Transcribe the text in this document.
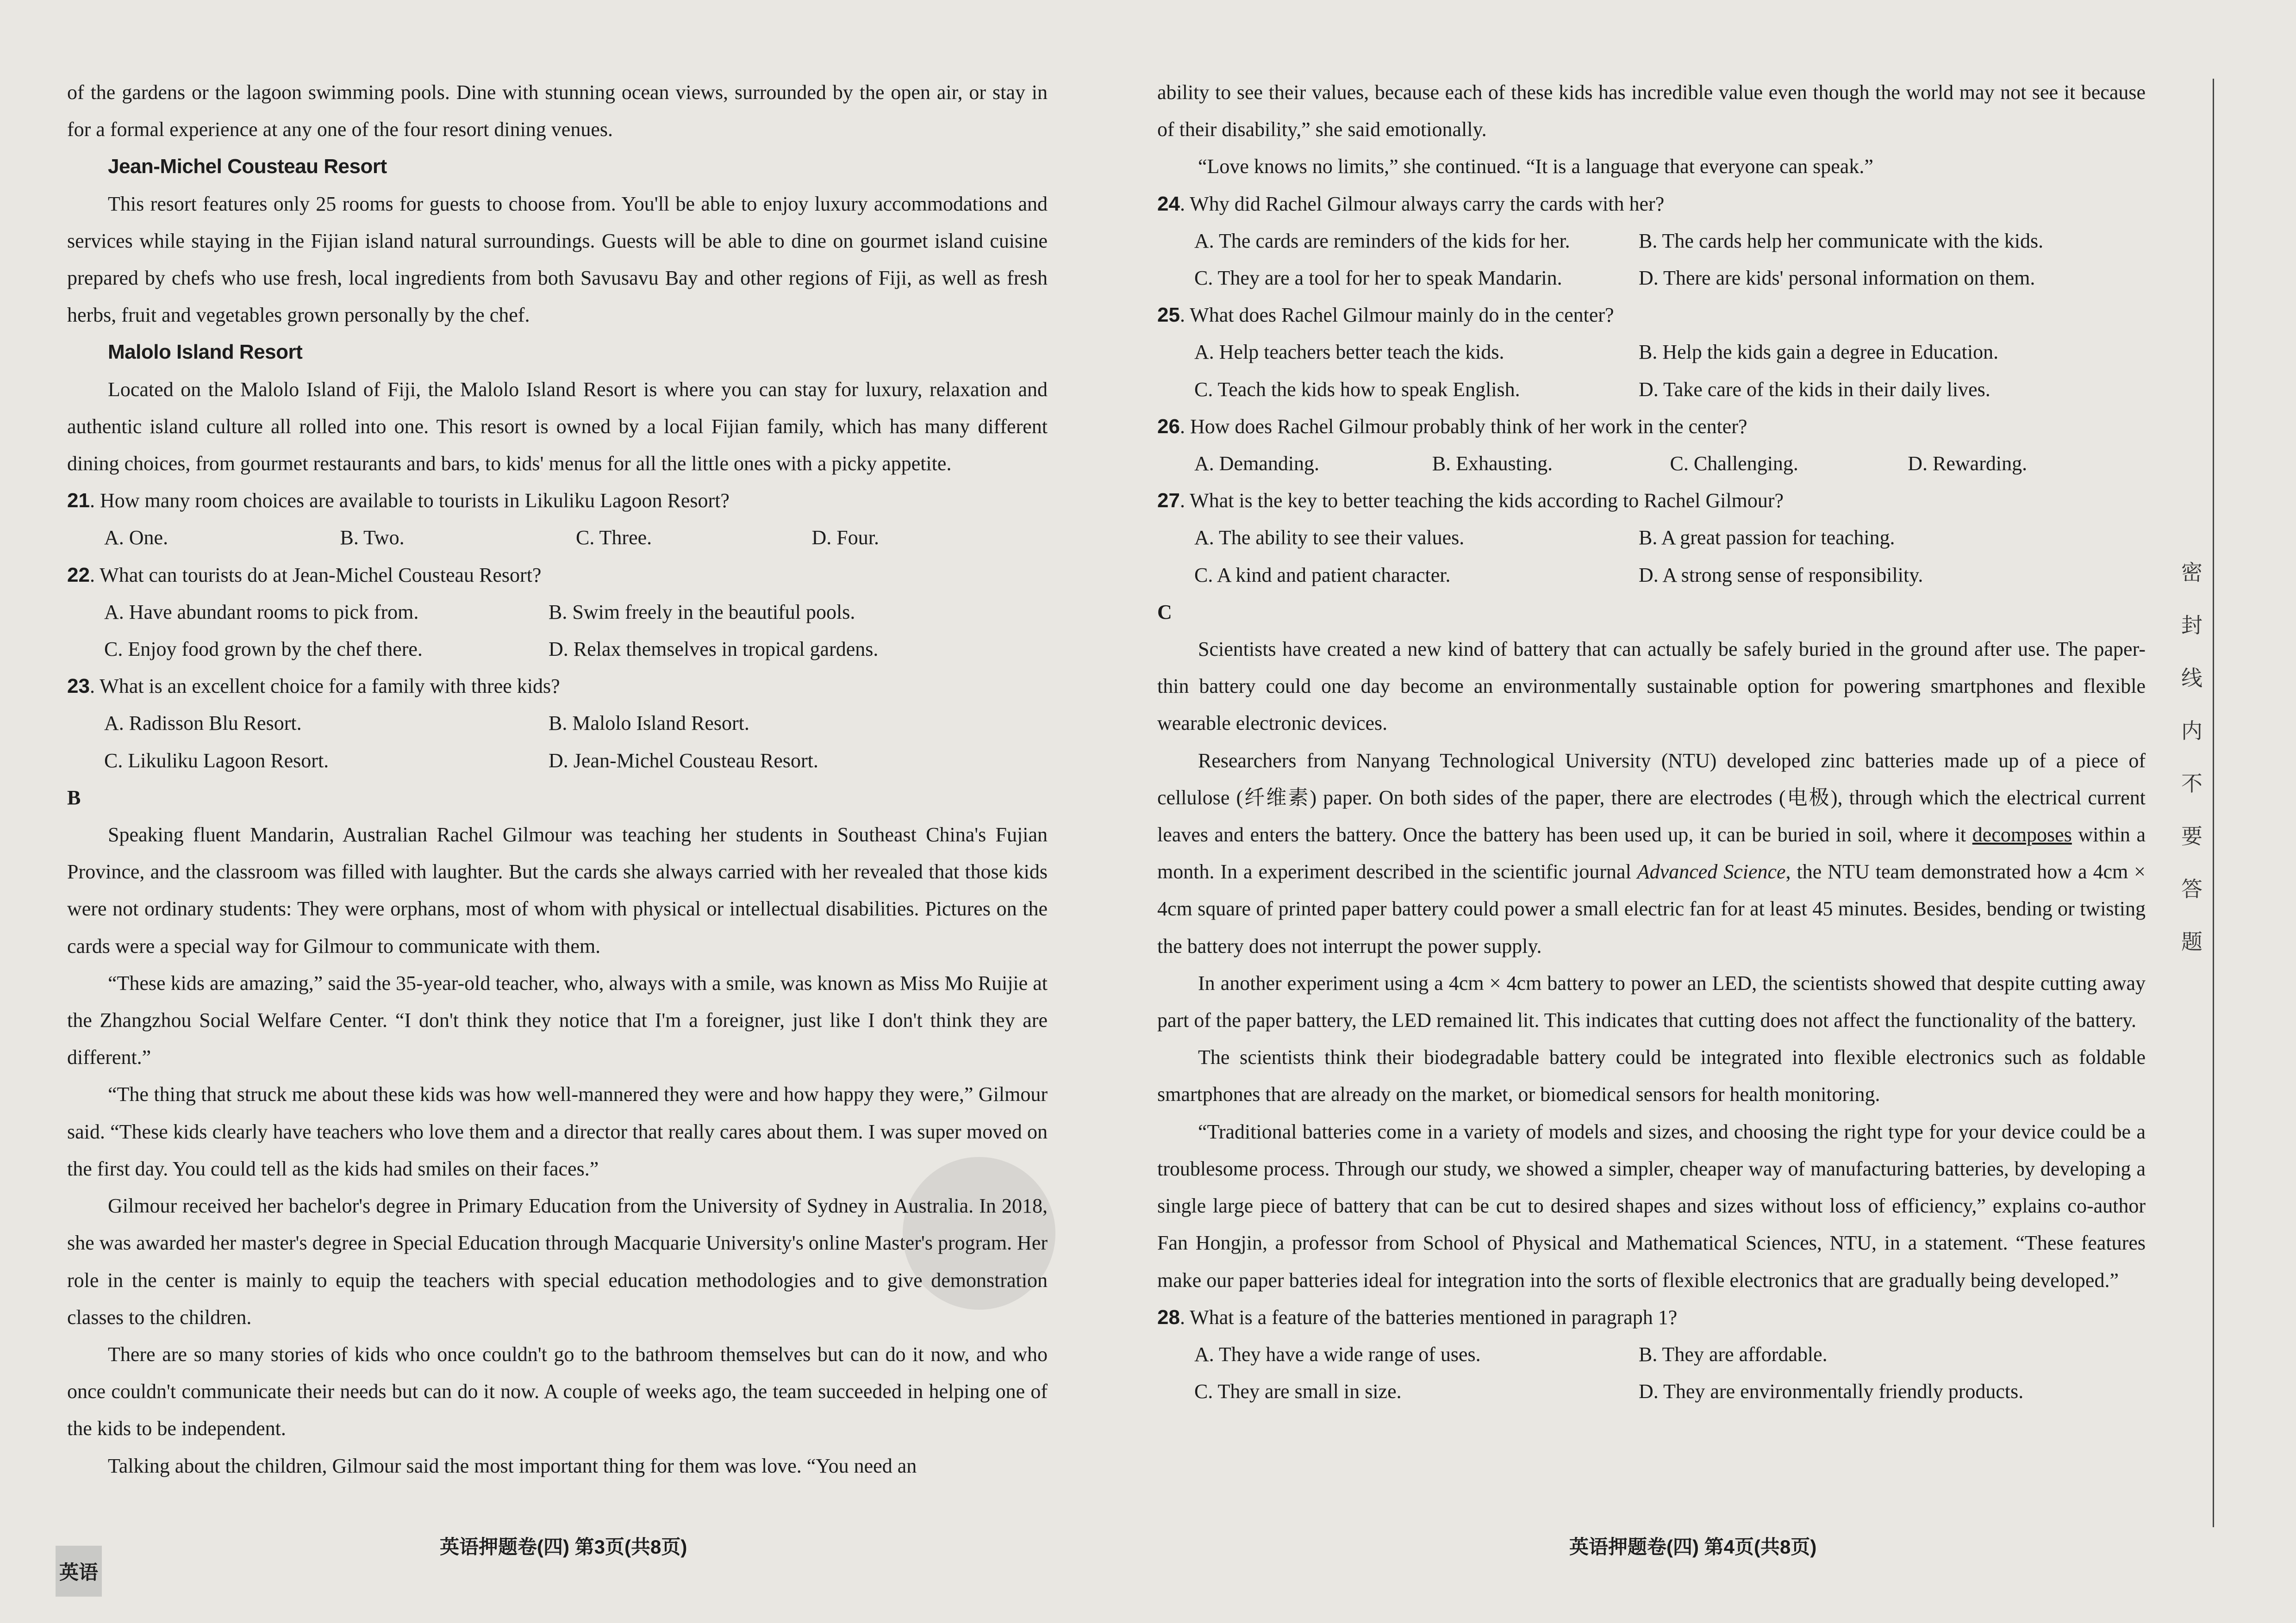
of the gardens or the lagoon swimming pools. Dine with stunning ocean views, surrounded by the open air, or stay in for a formal experience at any one of the four resort dining venues.

Jean-Michel Cousteau Resort

This resort features only 25 rooms for guests to choose from. You'll be able to enjoy luxury accommodations and services while staying in the Fijian island natural surroundings. Guests will be able to dine on gourmet island cuisine prepared by chefs who use fresh, local ingredients from both Savusavu Bay and other regions of Fiji, as well as fresh herbs, fruit and vegetables grown personally by the chef.

Malolo Island Resort

Located on the Malolo Island of Fiji, the Malolo Island Resort is where you can stay for luxury, relaxation and authentic island culture all rolled into one. This resort is owned by a local Fijian family, which has many different dining choices, from gourmet restaurants and bars, to kids' menus for all the little ones with a picky appetite.

21. How many room choices are available to tourists in Likuliku Lagoon Resort?

A. One.	B. Two.	C. Three.	D. Four.

22. What can tourists do at Jean-Michel Cousteau Resort?

A. Have abundant rooms to pick from.	B. Swim freely in the beautiful pools.
C. Enjoy food grown by the chef there.	D. Relax themselves in tropical gardens.

23. What is an excellent choice for a family with three kids?

A. Radisson Blu Resort.	B. Malolo Island Resort.
C. Likuliku Lagoon Resort.	D. Jean-Michel Cousteau Resort.

B

Speaking fluent Mandarin, Australian Rachel Gilmour was teaching her students in Southeast China's Fujian Province, and the classroom was filled with laughter. But the cards she always carried with her revealed that those kids were not ordinary students: They were orphans, most of whom with physical or intellectual disabilities. Pictures on the cards were a special way for Gilmour to communicate with them.

“These kids are amazing,” said the 35-year-old teacher, who, always with a smile, was known as Miss Mo Ruijie at the Zhangzhou Social Welfare Center. “I don't think they notice that I'm a foreigner, just like I don't think they are different.”

“The thing that struck me about these kids was how well-mannered they were and how happy they were,” Gilmour said. “These kids clearly have teachers who love them and a director that really cares about them. I was super moved on the first day. You could tell as the kids had smiles on their faces.”

Gilmour received her bachelor's degree in Primary Education from the University of Sydney in Australia. In 2018, she was awarded her master's degree in Special Education through Macquarie University's online Master's program. Her role in the center is mainly to equip the teachers with special education methodologies and to give demonstration classes to the children.

There are so many stories of kids who once couldn't go to the bathroom themselves but can do it now, and who once couldn't communicate their needs but can do it now. A couple of weeks ago, the team succeeded in helping one of the kids to be independent.

Talking about the children, Gilmour said the most important thing for them was love. “You need an

英语押题卷(四) 第3页(共8页)
英语

ability to see their values, because each of these kids has incredible value even though the world may not see it because of their disability,” she said emotionally.

“Love knows no limits,” she continued. “It is a language that everyone can speak.”

24. Why did Rachel Gilmour always carry the cards with her?

A. The cards are reminders of the kids for her.	B. The cards help her communicate with the kids.
C. They are a tool for her to speak Mandarin.	D. There are kids' personal information on them.

25. What does Rachel Gilmour mainly do in the center?

A. Help teachers better teach the kids.	B. Help the kids gain a degree in Education.
C. Teach the kids how to speak English.	D. Take care of the kids in their daily lives.

26. How does Rachel Gilmour probably think of her work in the center?

A. Demanding.	B. Exhausting.	C. Challenging.	D. Rewarding.

27. What is the key to better teaching the kids according to Rachel Gilmour?

A. The ability to see their values.	B. A great passion for teaching.
C. A kind and patient character.	D. A strong sense of responsibility.

C

Scientists have created a new kind of battery that can actually be safely buried in the ground after use. The paper-thin battery could one day become an environmentally sustainable option for powering smartphones and flexible wearable electronic devices.

Researchers from Nanyang Technological University (NTU) developed zinc batteries made up of a piece of cellulose (纤维素) paper. On both sides of the paper, there are electrodes (电极), through which the electrical current leaves and enters the battery. Once the battery has been used up, it can be buried in soil, where it decomposes within a month. In a experiment described in the scientific journal Advanced Science, the NTU team demonstrated how a 4cm × 4cm square of printed paper battery could power a small electric fan for at least 45 minutes. Besides, bending or twisting the battery does not interrupt the power supply.

In another experiment using a 4cm × 4cm battery to power an LED, the scientists showed that despite cutting away part of the paper battery, the LED remained lit. This indicates that cutting does not affect the functionality of the battery.

The scientists think their biodegradable battery could be integrated into flexible electronics such as foldable smartphones that are already on the market, or biomedical sensors for health monitoring.

“Traditional batteries come in a variety of models and sizes, and choosing the right type for your device could be a troublesome process. Through our study, we showed a simpler, cheaper way of manufacturing batteries, by developing a single large piece of battery that can be cut to desired shapes and sizes without loss of efficiency,” explains co-author Fan Hongjin, a professor from School of Physical and Mathematical Sciences, NTU, in a statement. “These features make our paper batteries ideal for integration into the sorts of flexible electronics that are gradually being developed.”

28. What is a feature of the batteries mentioned in paragraph 1?

A. They have a wide range of uses.	B. They are affordable.
C. They are small in size.	D. They are environmentally friendly products.
英语押题卷(四) 第4页(共8页)
密
封
线
内
不
要
答
题
